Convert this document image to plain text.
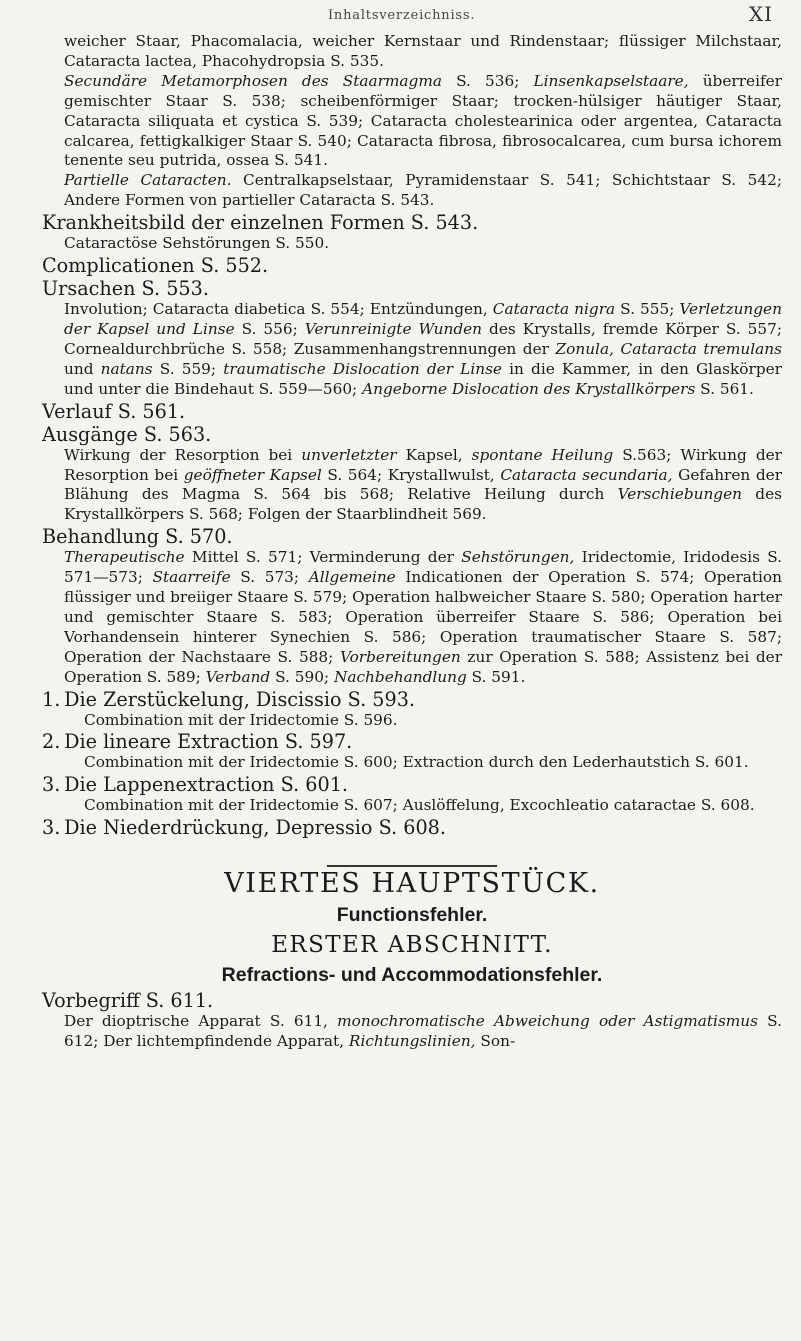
Inhaltsverzeichniss.	XI

weicher Staar, Phacomalacia, weicher Kernstaar und Rindenstaar; flüssiger Milchstaar, Cataracta lactea, Phacohydropsia S. 535.

Secundäre Metamorphosen des Staarmagma S. 536; Linsenkapselstaare, überreifer gemischter Staar S. 538; scheibenförmiger Staar; trocken-hülsiger häutiger Staar, Cataracta siliquata et cystica S. 539; Cataracta cholestearinica oder argentea, Cataracta calcarea, fettigkalkiger Staar S. 540; Cataracta fibrosa, fibrosocalcarea, cum bursa ichorem tenente seu putrida, ossea S. 541.

Partielle Cataracten. Centralkapselstaar, Pyramidenstaar S. 541; Schichtstaar S. 542; Andere Formen von partieller Cataracta S. 543.

Krankheitsbild der einzelnen Formen S. 543.

Cataractöse Sehstörungen S. 550.

Complicationen S. 552.

Ursachen S. 553.

Involution; Cataracta diabetica S. 554; Entzündungen, Cataracta nigra S. 555; Verletzungen der Kapsel und Linse S. 556; Verunreinigte Wunden des Krystalls, fremde Körper S. 557; Cornealdurchbrüche S. 558; Zusammenhangstrennungen der Zonula, Cataracta tremulans und natans S. 559; traumatische Dislocation der Linse in die Kammer, in den Glaskörper und unter die Bindehaut S. 559—560; Angeborne Dislocation des Krystallkörpers S. 561.

Verlauf S. 561.

Ausgänge S. 563.

Wirkung der Resorption bei unverletzter Kapsel, spontane Heilung S.563; Wirkung der Resorption bei geöffneter Kapsel S. 564; Krystallwulst, Cataracta secundaria, Gefahren der Blähung des Magma S. 564 bis 568; Relative Heilung durch Verschiebungen des Krystallkörpers S. 568; Folgen der Staarblindheit 569.

Behandlung S. 570.

Therapeutische Mittel S. 571; Verminderung der Sehstörungen, Iridectomie, Iridodesis S. 571—573; Staarreife S. 573; Allgemeine Indicationen der Operation S. 574; Operation flüssiger und breiiger Staare S. 579; Operation halbweicher Staare S. 580; Operation harter und gemischter Staare S. 583; Operation überreifer Staare S. 586; Operation bei Vorhandensein hinterer Synechien S. 586; Operation traumatischer Staare S. 587; Operation der Nachstaare S. 588; Vorbereitungen zur Operation S. 588; Assistenz bei der Operation S. 589; Verband S. 590; Nachbehandlung S. 591.

1. Die Zerstückelung, Discissio S. 593.

Combination mit der Iridectomie S. 596.

2. Die lineare Extraction S. 597.

Combination mit der Iridectomie S. 600; Extraction durch den Lederhautstich S. 601.

3. Die Lappenextraction S. 601.

Combination mit der Iridectomie S. 607; Auslöffelung, Excochleatio cataractae S. 608.

3. Die Niederdrückung, Depressio S. 608.

VIERTES HAUPTSTÜCK.

Functionsfehler.

ERSTER ABSCHNITT.

Refractions- und Accommodationsfehler.

Vorbegriff S. 611.

Der dioptrische Apparat S. 611, monochromatische Abweichung oder Astigmatismus S. 612; Der lichtempfindende Apparat, Richtungslinien, Son-
